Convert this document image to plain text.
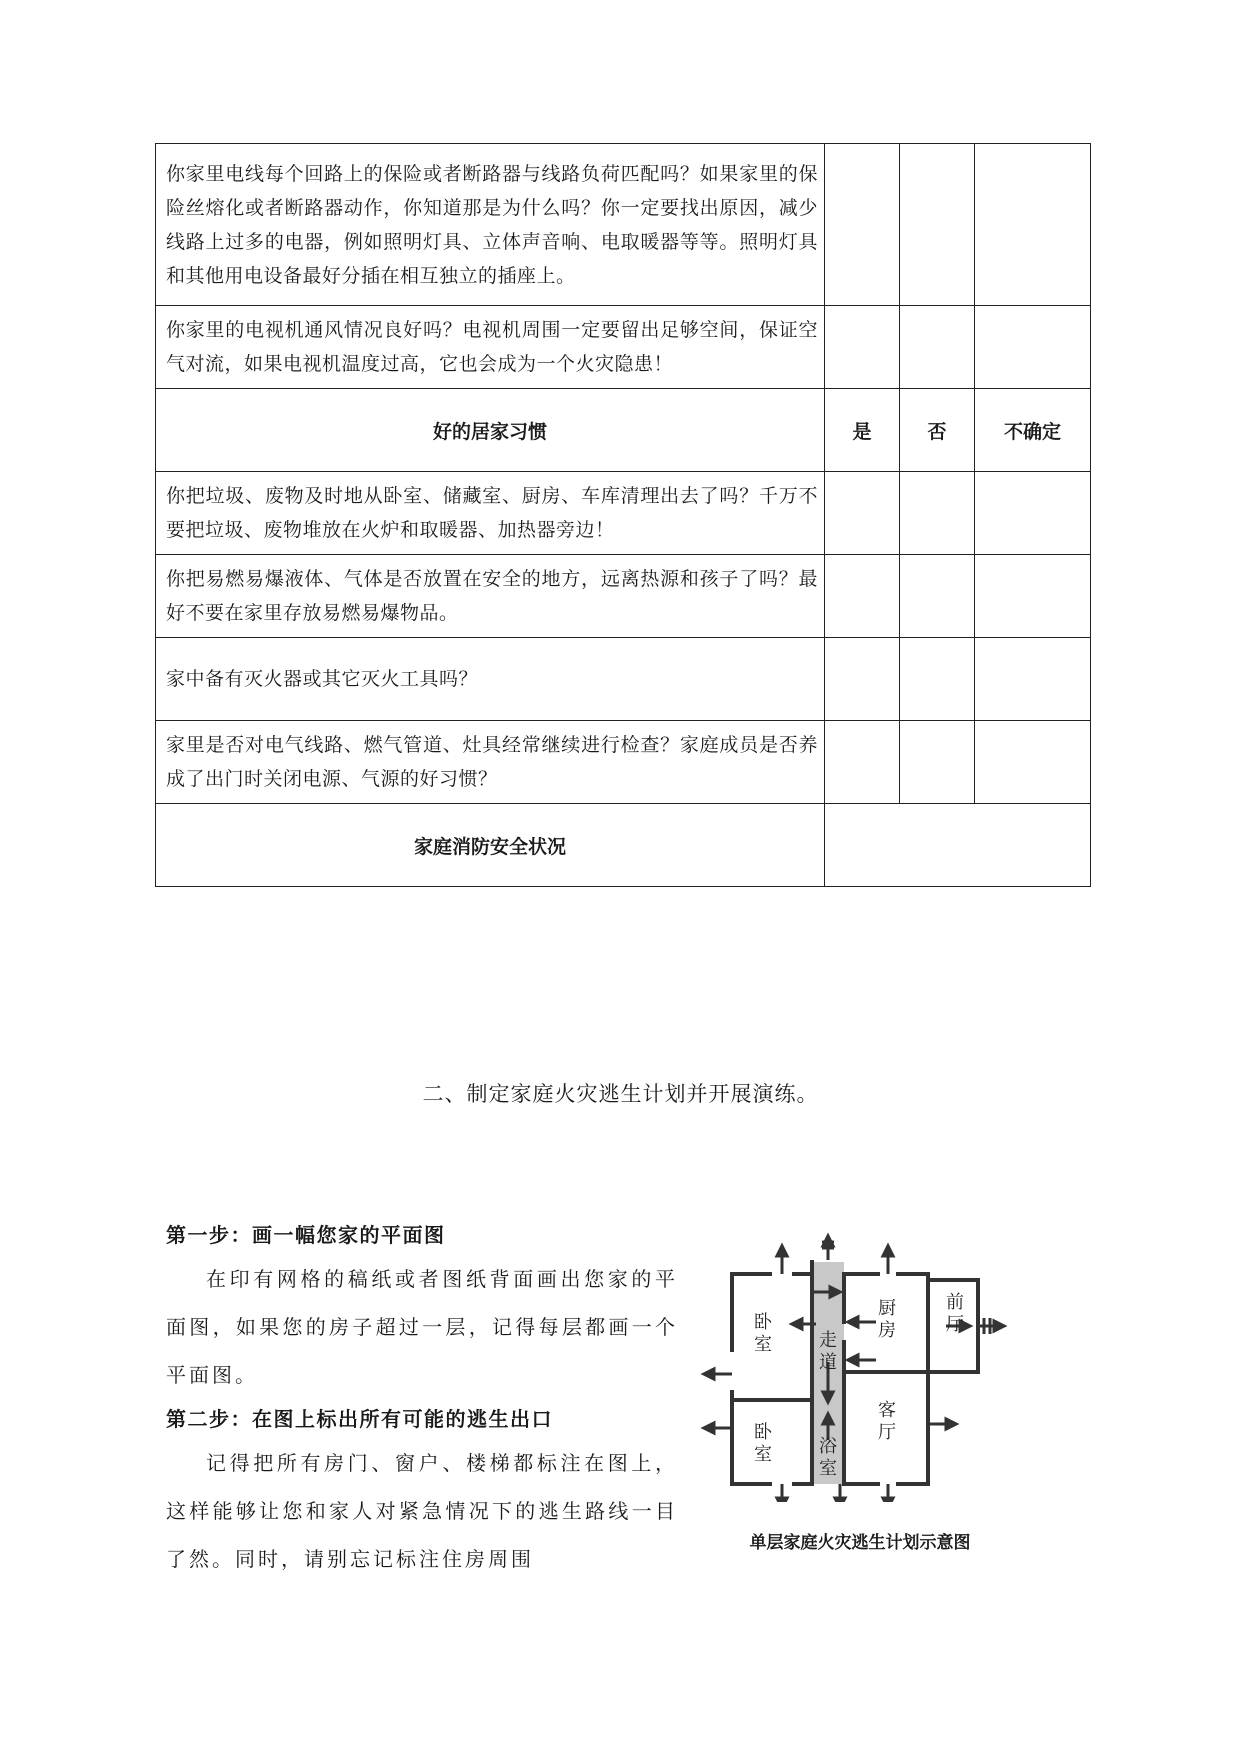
你家里电线每个回路上的保险或者断路器与线路负荷匹配吗？如果家里的保险丝熔化或者断路器动作，你知道那是为什么吗？你一定要找出原因，减少线路上过多的电器，例如照明灯具、立体声音响、电取暖器等等。照明灯具和其他用电设备最好分插在相互独立的插座上。			
你家里的电视机通风情况良好吗？电视机周围一定要留出足够空间，保证空气对流，如果电视机温度过高，它也会成为一个火灾隐患！			
好的居家习惯	是	否	不确定
你把垃圾、废物及时地从卧室、储藏室、厨房、车库清理出去了吗？千万不要把垃圾、废物堆放在火炉和取暖器、加热器旁边！			
你把易燃易爆液体、气体是否放置在安全的地方，远离热源和孩子了吗？最好不要在家里存放易燃易爆物品。			
家中备有灭火器或其它灭火工具吗？			
家里是否对电气线路、燃气管道、灶具经常继续进行检查？家庭成员是否养成了出门时关闭电源、气源的好习惯？			
家庭消防安全状况			
二、制定家庭火灾逃生计划并开展演练。
第一步：画一幅您家的平面图
在印有网格的稿纸或者图纸背面画出您家的平面图，如果您的房子超过一层，记得每层都画一个平面图。
第二步：在图上标出所有可能的逃生出口
记得把所有房门、窗户、楼梯都标注在图上，这样能够让您和家人对紧急情况下的逃生路线一目了然。同时，请别忘记标注住房周围
卧室	走道
厨房
前厅
卧室	浴室
客厅
单层家庭火灾逃生计划示意图
